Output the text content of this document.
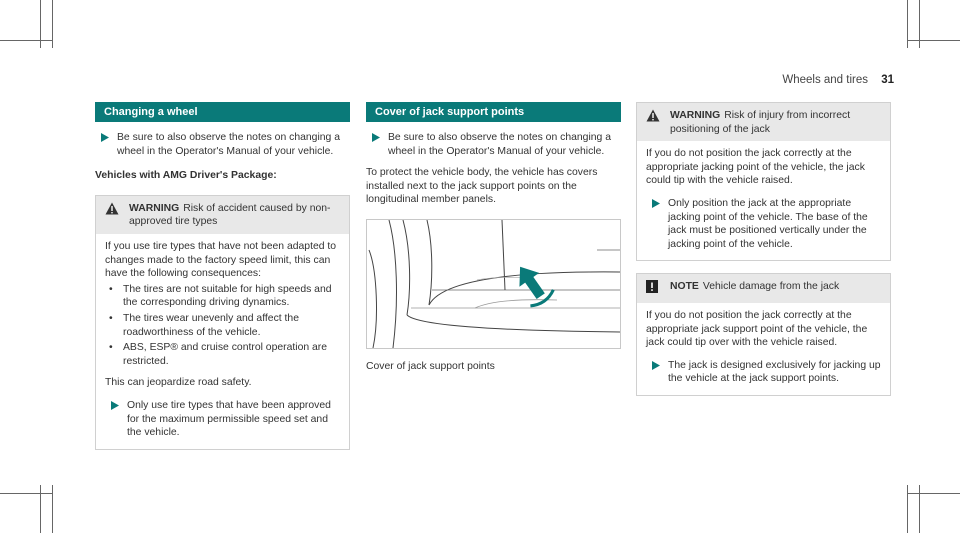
Wheels and tires 31
Changing a wheel
Be sure to also observe the notes on changing a wheel in the Operator's Manual of your vehicle.
Vehicles with AMG Driver's Package:
WARNING Risk of accident caused by non-approved tire types
If you use tire types that have not been adapted to changes made to the factory speed limit, this can have the following consequences:
• The tires are not suitable for high speeds and the corresponding driving dynamics.
• The tires wear unevenly and affect the roadworthiness of the vehicle.
• ABS, ESP® and cruise control operation are restricted.
This can jeopardize road safety.
Only use tire types that have been approved for the maximum permissible speed set and the vehicle.
Cover of jack support points
Be sure to also observe the notes on changing a wheel in the Operator's Manual of your vehicle.
To protect the vehicle body, the vehicle has covers installed next to the jack support points on the longitudinal member panels.
Cover of jack support points
WARNING Risk of injury from incorrect positioning of the jack
If you do not position the jack correctly at the appropriate jacking point of the vehicle, the jack could tip with the vehicle raised.
Only position the jack at the appropriate jacking point of the vehicle. The base of the jack must be positioned vertically under the jacking point of the vehicle.
NOTE Vehicle damage from the jack
If you do not position the jack correctly at the appropriate jack support point of the vehicle, the jack could tip over with the vehicle raised.
The jack is designed exclusively for jacking up the vehicle at the jack support points.
